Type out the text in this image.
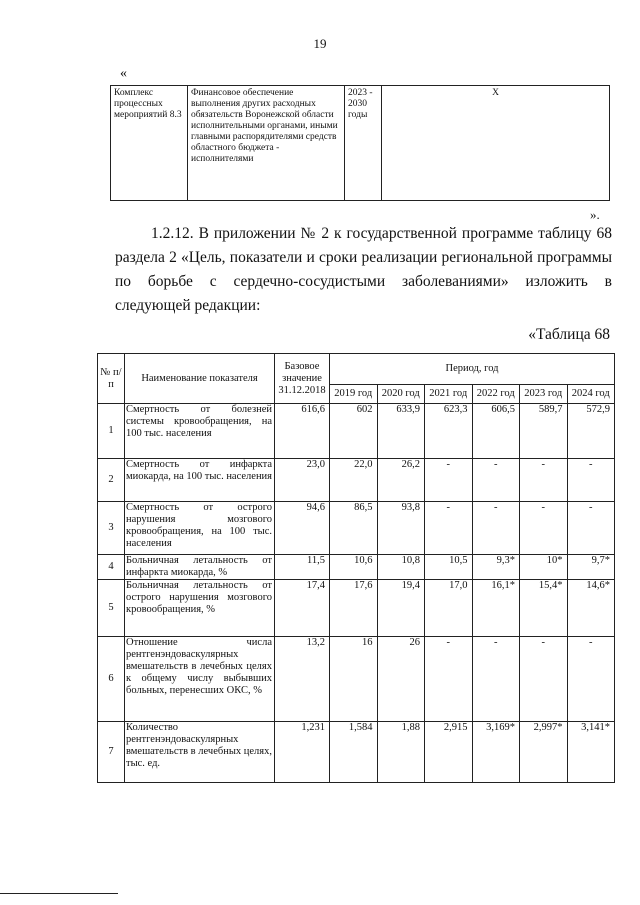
19
«
Комплекс процессных мероприятий 8.3	Финансовое обеспечение выполнения других расходных обязательств Воронежской области исполнительными органами, иными главными распорядителями средств областного бюджета - исполнителями	2023 - 2030 годы	Х
».
1.2.12. В приложении № 2 к государственной программе таблицу 68 раздела 2 «Цель, показатели и сроки реализации региональной программы по борьбе с сердечно-сосудистыми заболеваниями» изложить в следующей редакции:
«Таблица 68
№ п/п	Наименование показателя	Базовое значение 31.12.2018	Период, год					
			2019 год	2020 год	2021 год	2022 год	2023 год	2024 год
1	Смертность от болезней системы кровообращения, на 100 тыс. населения	616,6	602	633,9	623,3	606,5	589,7	572,9
2	Смертность от инфаркта миокарда, на 100 тыс. населения	23,0	22,0	26,2	-	-	-	-
3	Смертность от острого нарушения мозгового кровообращения, на 100 тыс. населения	94,6	86,5	93,8	-	-	-	-
4	Больничная летальность от инфаркта миокарда, %	11,5	10,6	10,8	10,5	9,3*	10*	9,7*
5	Больничная летальность от острого нарушения мозгового кровообращения, %	17,4	17,6	19,4	17,0	16,1*	15,4*	14,6*
6	Отношение числа рентгенэндоваскулярных вмешательств в лечебных целях к общему числу выбывших больных, перенесших ОКС, %	13,2	16	26	-	-	-	-
7	Количество рентгенэндоваскулярных вмешательств в лечебных целях, тыс. ед.	1,231	1,584	1,88	2,915	3,169*	2,997*	3,141*
